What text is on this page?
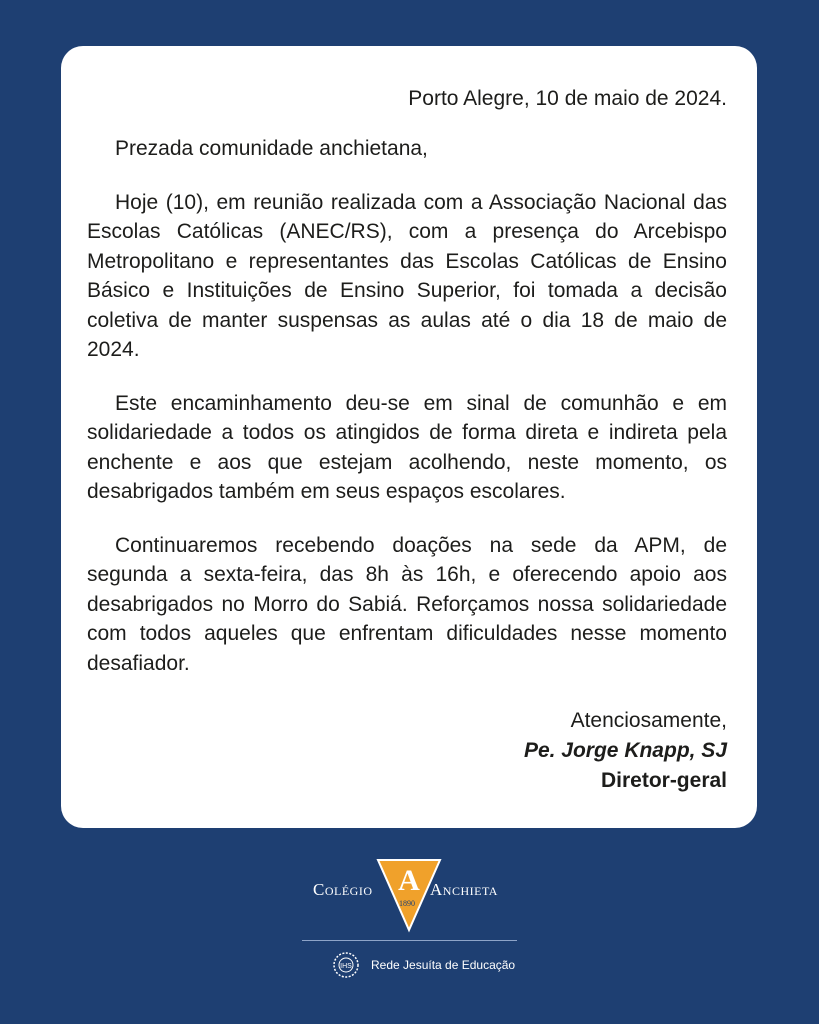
Porto Alegre, 10 de maio de 2024.

Prezada comunidade anchietana,

Hoje (10), em reunião realizada com a Associação Nacional das Escolas Católicas (ANEC/RS), com a presença do Arcebispo Metropolitano e representantes das Escolas Católicas de Ensino Básico e Instituições de Ensino Superior, foi tomada a decisão coletiva de manter suspensas as aulas até o dia 18 de maio de 2024.

Este encaminhamento deu-se em sinal de comunhão e em solidariedade a todos os atingidos de forma direta e indireta pela enchente e aos que estejam acolhendo, neste momento, os desabrigados também em seus espaços escolares.

Continuaremos recebendo doações na sede da APM, de segunda a sexta-feira, das 8h às 16h, e oferecendo apoio aos desabrigados no Morro do Sabiá. Reforçamos nossa solidariedade com todos aqueles que enfrentam dificuldades nesse momento desafiador.

Atenciosamente,
Pe. Jorge Knapp, SJ
Diretor-geral
Colégio A
1890
Anchieta
IHS Rede Jesuíta de Educação
